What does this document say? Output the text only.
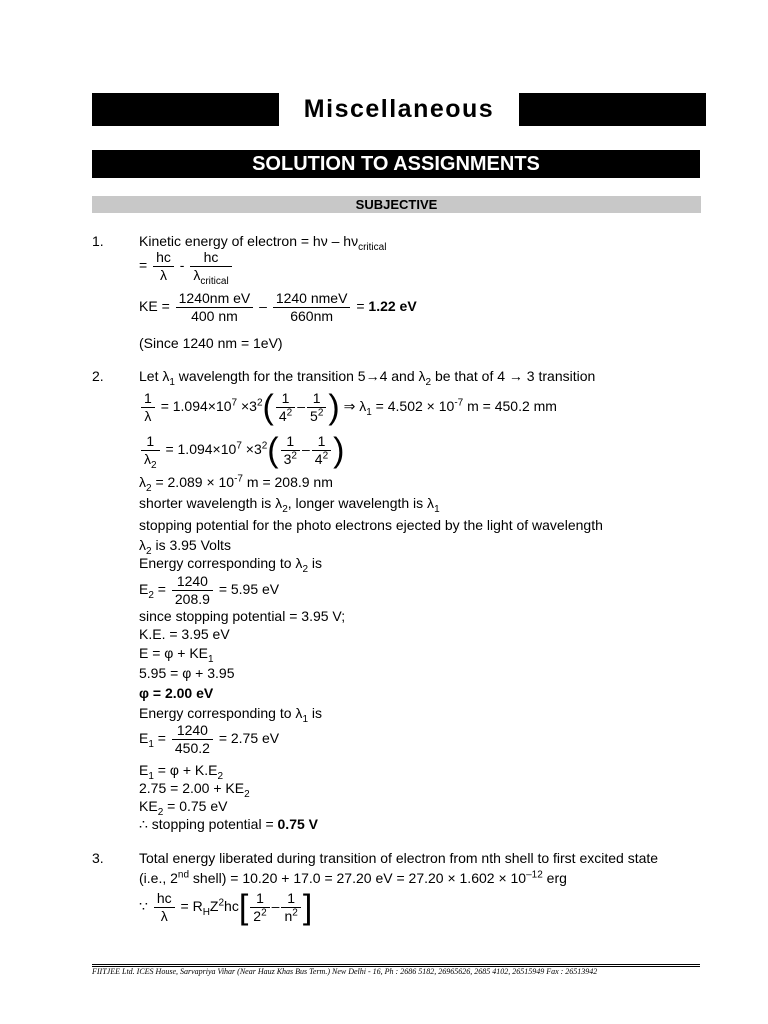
Miscellaneous
SOLUTION TO ASSIGNMENTS
SUBJECTIVE
1.	Kinetic energy of electron = hν – $h\nu_{critical}$
= $\frac{hc}{\lambda} - \frac{hc}{\lambda_{critical}}$
KE = $\frac{\text{1240nm eV}}{400 nm} - \frac{\text{1240 nmeV}}{660nm} = 1.22$ eV
(Since 1240 nm = 1eV)
2.	Let $\lambda_1$ wavelength for the transition 5→4 and $\lambda_2$ be that of 4 → 3 transition
$\frac{1}{\lambda} = 1.094\times 10^7 \times 3^2( \frac{1}{4^2} - \frac{1}{5^2}$ ) ⇒ $\lambda_1 = 4.502 \times 10^{-7}$ m = 450.2 mm
$\frac{1}{\lambda_2} = 1.094\times 10^7 \times 3^2( \frac{1}{3^2} - \frac{1}{4^2}$ )
$\lambda_2 = 2.089 \times 10^{-7}$ m = 208.9 nm
shorter wavelength is $\lambda_2$, longer wavelength is $\lambda_1$
stopping potential for the photo electrons ejected by the light of wavelength
$\lambda_2$ is 3.95 Volts
Energy corresponding to $\lambda_2$ is
$E_2 = \frac{1240}{208.9} = 5.95$ eV
since stopping potential = 3.95 V;
K.E. = 3.95 eV
$E = \varphi + KE_1$
5.95 = φ + 3.95
φ = 2.00 eV
Energy corresponding to $\lambda_1$ is
$E_1 = \frac{1240}{450.2} = 2.75$ eV
$E_1 = \varphi + K.E_2$
$2.75 = 2.00 + KE_2$
$KE_2 = 0.75$ eV
∴ stopping potential = 0.75 V
3.	Total energy liberated during transition of electron from nth shell to first excited state
(i.e., 2nd shell) = 10.20 + 17.0 = 27.20 eV = $27.20 \times 1.602 \times 10^{-12}$ erg
∵ $\frac{hc}{\lambda} = R_HZ^2hc[ \frac{1}{2^2} - \frac{1}{n^2}$ ]
FIITJEE Ltd. ICES House, Sarvapriya Vihar (Near Hauz Khas Bus Term.) New Delhi - 16, Ph : 2686 5182, 26965626, 2685 4102, 26515949 Fax : 26513942
